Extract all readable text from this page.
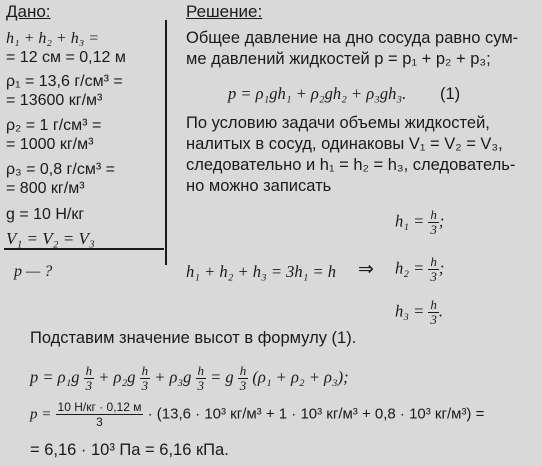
Дано:
h₁ + h₂ + h₃ =
= 12 см = 0,12 м
ρ₁ = 13,6 г/см³ =
= 13600 кг/м³
ρ₂ = 1 г/см³ =
= 1000 кг/м³
ρ₃ = 0,8 г/см³ =
= 800 кг/м³
g = 10 Н/кг
V₁ = V₂ = V₃
p — ?
Решение:
Общее давление на дно сосуда равно сум-
ме давлений жидкостей p = p₁ + p₂ + p₃;
p = ρ₁gh₁ + ρ₂gh₂ + ρ₃gh₃. (1)
По условию задачи объемы жидкостей,
налитых в сосуд, одинаковы V₁ = V₂ = V₃,
следовательно и h₁ = h₂ = h₃, следователь-
но можно записать
$h_1 = \frac{h}{3}$ ;
$h_2 = \frac{h}{3}$ ;
$h_3 = \frac{h}{3}$ .
h₁ + h₂ + h₃ = 3h₁ = h ⇒
Подставим значение высот в формулу (1).
$p = \rho_1g \frac{h}{3} + \rho_2g \frac{h}{3} + \rho_3g \frac{h}{3} = g \frac{h}{3} (\rho_1 + \rho_2 + \rho_3)$;
$p = \frac{10 Н/кг \cdot 0,12 м}{3} \cdot (13,6 \cdot 10^3$ кг/м³ + 1 · 10³ кг/м³ + 0,8 · 10³ кг/м³) =
= 6,16 · 10³ Па = 6,16 кПа.
